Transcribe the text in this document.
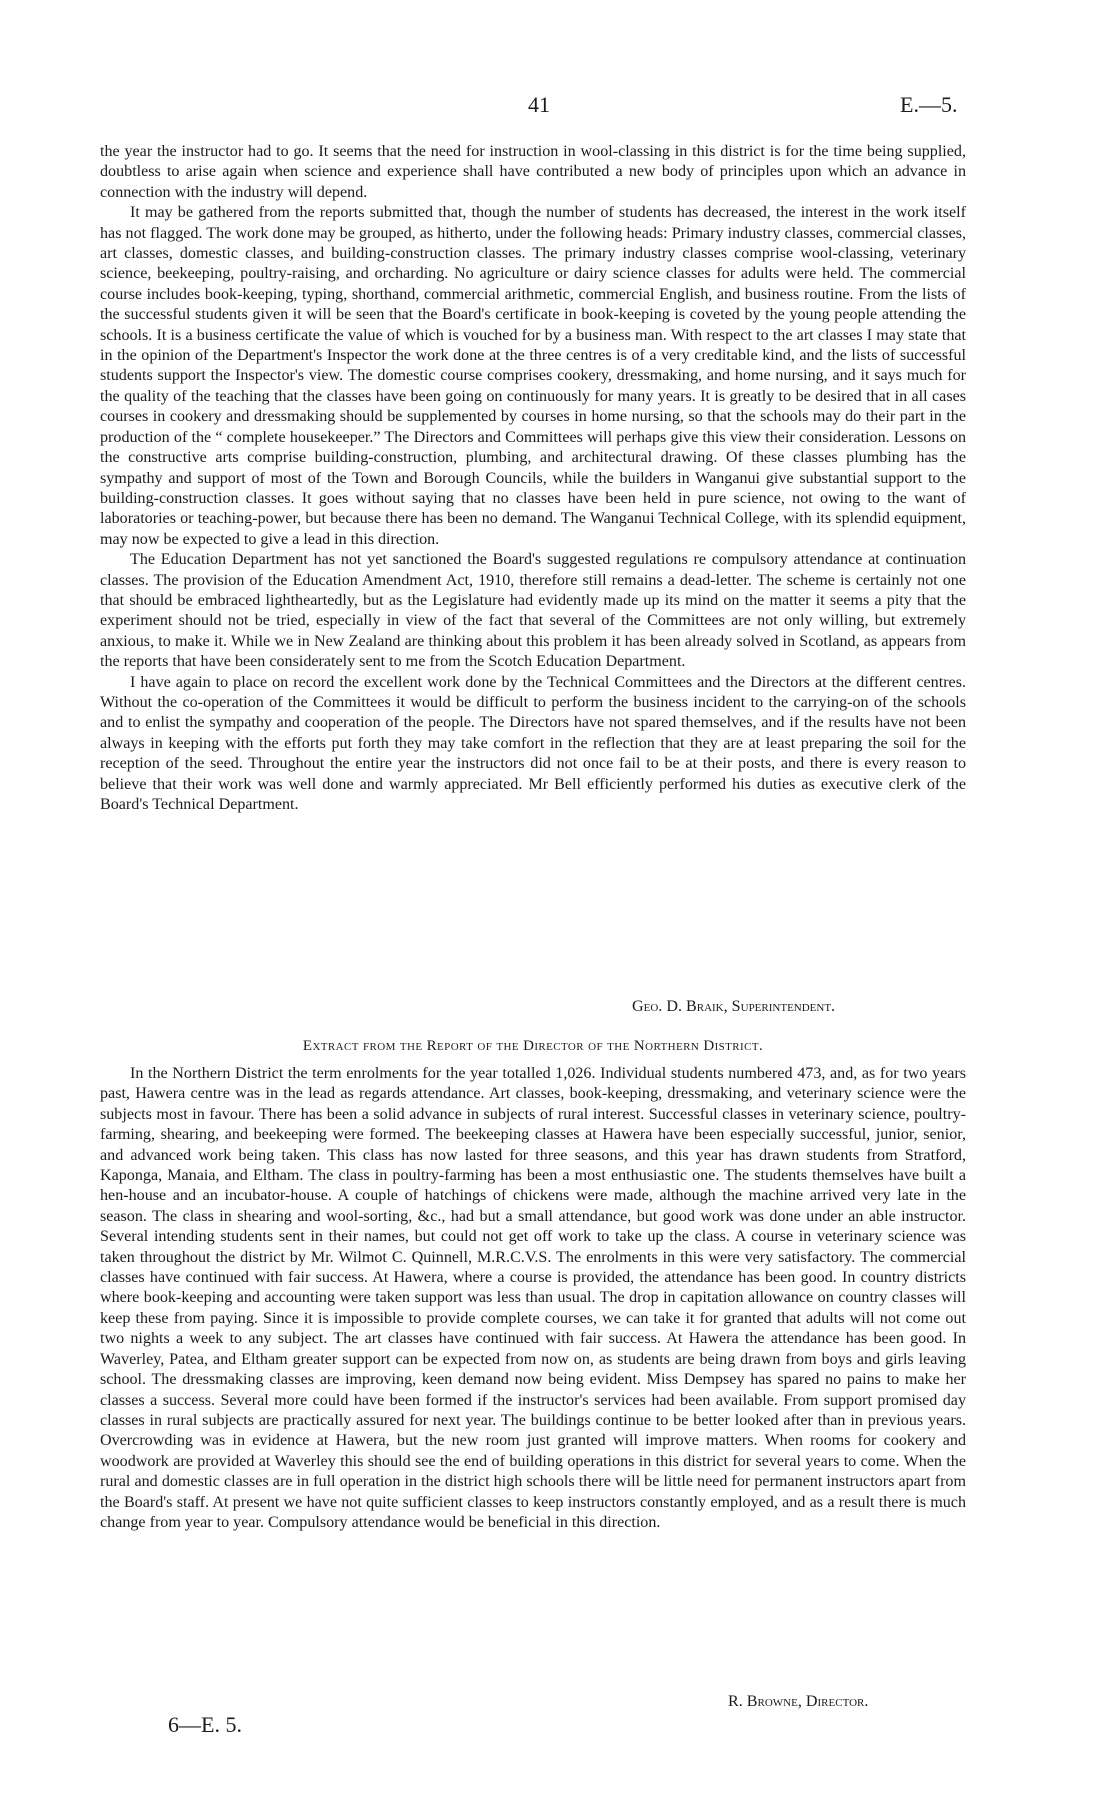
41	E.—5.

the year the instructor had to go. It seems that the need for instruction in wool-classing in this district is for the time being supplied, doubtless to arise again when science and experience shall have contributed a new body of principles upon which an advance in connection with the industry will depend.

It may be gathered from the reports submitted that, though the number of students has decreased, the interest in the work itself has not flagged. The work done may be grouped, as hitherto, under the following heads: Primary industry classes, commercial classes, art classes, domestic classes, and building-construction classes. The primary industry classes comprise wool-classing, veterinary science, beekeeping, poultry-raising, and orcharding. No agriculture or dairy science classes for adults were held. The commercial course includes book-keeping, typing, shorthand, commercial arithmetic, commercial English, and business routine. From the lists of the successful students given it will be seen that the Board's certificate in book-keeping is coveted by the young people attending the schools. It is a business certificate the value of which is vouched for by a business man. With respect to the art classes I may state that in the opinion of the Department's Inspector the work done at the three centres is of a very creditable kind, and the lists of successful students support the Inspector's view. The domestic course comprises cookery, dressmaking, and home nursing, and it says much for the quality of the teaching that the classes have been going on continuously for many years. It is greatly to be desired that in all cases courses in cookery and dressmaking should be supplemented by courses in home nursing, so that the schools may do their part in the production of the “ complete housekeeper.” The Directors and Committees will perhaps give this view their consideration. Lessons on the constructive arts comprise building-construction, plumbing, and architectural drawing. Of these classes plumbing has the sympathy and support of most of the Town and Borough Councils, while the builders in Wanganui give substantial support to the building-construction classes. It goes without saying that no classes have been held in pure science, not owing to the want of laboratories or teaching-power, but because there has been no demand. The Wanganui Technical College, with its splendid equipment, may now be expected to give a lead in this direction.

The Education Department has not yet sanctioned the Board's suggested regulations re compulsory attendance at continuation classes. The provision of the Education Amendment Act, 1910, therefore still remains a dead-letter. The scheme is certainly not one that should be embraced lightheartedly, but as the Legislature had evidently made up its mind on the matter it seems a pity that the experiment should not be tried, especially in view of the fact that several of the Committees are not only willing, but extremely anxious, to make it. While we in New Zealand are thinking about this problem it has been already solved in Scotland, as appears from the reports that have been considerately sent to me from the Scotch Education Department.

I have again to place on record the excellent work done by the Technical Committees and the Directors at the different centres. Without the co-operation of the Committees it would be difficult to perform the business incident to the carrying-on of the schools and to enlist the sympathy and cooperation of the people. The Directors have not spared themselves, and if the results have not been always in keeping with the efforts put forth they may take comfort in the reflection that they are at least preparing the soil for the reception of the seed. Throughout the entire year the instructors did not once fail to be at their posts, and there is every reason to believe that their work was well done and warmly appreciated. Mr Bell efficiently performed his duties as executive clerk of the Board's Technical Department.

Geo. D. Braik, Superintendent.
Extract from the Report of the Director of the Northern District.

In the Northern District the term enrolments for the year totalled 1,026. Individual students numbered 473, and, as for two years past, Hawera centre was in the lead as regards attendance. Art classes, book-keeping, dressmaking, and veterinary science were the subjects most in favour. There has been a solid advance in subjects of rural interest. Successful classes in veterinary science, poultry-farming, shearing, and beekeeping were formed. The beekeeping classes at Hawera have been especially successful, junior, senior, and advanced work being taken. This class has now lasted for three seasons, and this year has drawn students from Stratford, Kaponga, Manaia, and Eltham. The class in poultry-farming has been a most enthusiastic one. The students themselves have built a hen-house and an incubator-house. A couple of hatchings of chickens were made, although the machine arrived very late in the season. The class in shearing and wool-sorting, &c., had but a small attendance, but good work was done under an able instructor. Several intending students sent in their names, but could not get off work to take up the class. A course in veterinary science was taken throughout the district by Mr. Wilmot C. Quinnell, M.R.C.V.S. The enrolments in this were very satisfactory. The commercial classes have continued with fair success. At Hawera, where a course is provided, the attendance has been good. In country districts where book-keeping and accounting were taken support was less than usual. The drop in capitation allowance on country classes will keep these from paying. Since it is impossible to provide complete courses, we can take it for granted that adults will not come out two nights a week to any subject. The art classes have continued with fair success. At Hawera the attendance has been good. In Waverley, Patea, and Eltham greater support can be expected from now on, as students are being drawn from boys and girls leaving school. The dressmaking classes are improving, keen demand now being evident. Miss Dempsey has spared no pains to make her classes a success. Several more could have been formed if the instructor's services had been available. From support promised day classes in rural subjects are practically assured for next year. The buildings continue to be better looked after than in previous years. Overcrowding was in evidence at Hawera, but the new room just granted will improve matters. When rooms for cookery and woodwork are provided at Waverley this should see the end of building operations in this district for several years to come. When the rural and domestic classes are in full operation in the district high schools there will be little need for permanent instructors apart from the Board's staff. At present we have not quite sufficient classes to keep instructors constantly employed, and as a result there is much change from year to year. Compulsory attendance would be beneficial in this direction.

R. Browne, Director.
6—E. 5.
